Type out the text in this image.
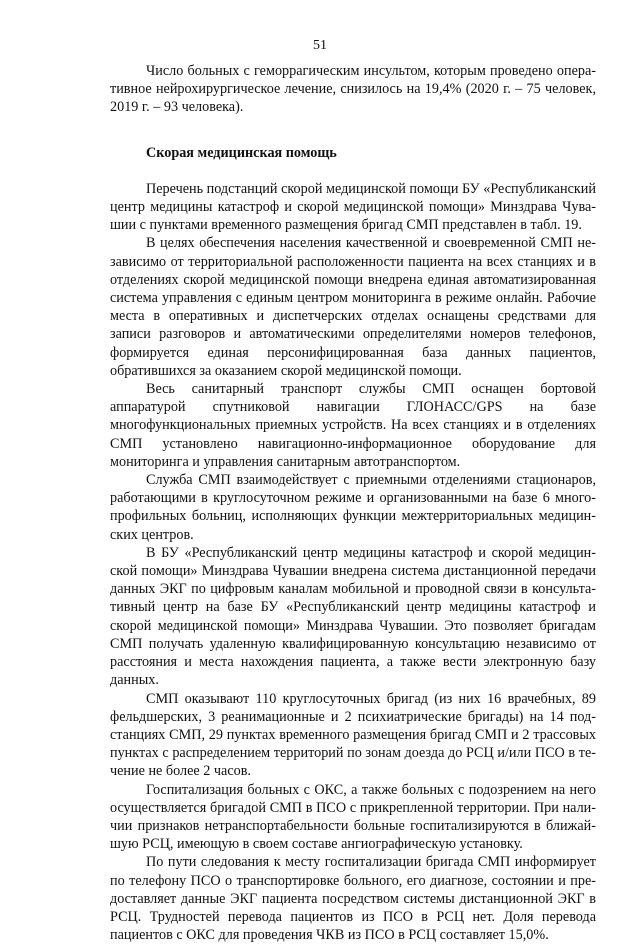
51

Число больных с геморрагическим инсультом, которым проведено оперативное нейрохирургическое лечение, снизилось на 19,4% (2020 г. – 75 человек, 2019 г. – 93 человека).

Скорая медицинская помощь

Перечень подстанций скорой медицинской помощи БУ «Республиканский центр медицины катастроф и скорой медицинской помощи» Минздрава Чувашии с пунктами временного размещения бригад СМП представлен в табл. 19.

В целях обеспечения населения качественной и своевременной СМП независимо от территориальной расположенности пациента на всех станциях и в отделениях скорой медицинской помощи внедрена единая автоматизированная система управления с единым центром мониторинга в режиме онлайн. Рабочие места в оперативных и диспетчерских отделах оснащены средствами для записи разговоров и автоматическими определителями номеров телефонов, формируется единая персонифицированная база данных пациентов, обратившихся за оказанием скорой медицинской помощи.

Весь санитарный транспорт службы СМП оснащен бортовой аппаратурой спутниковой навигации ГЛОНАСС/GPS на базе многофункциональных приемных устройств. На всех станциях и в отделениях СМП установлено навигационно-информационное оборудование для мониторинга и управления санитарным автотранспортом.

Служба СМП взаимодействует с приемными отделениями стационаров, работающими в круглосуточном режиме и организованными на базе 6 многопрофильных больниц, исполняющих функции межтерриториальных медицинских центров.

В БУ «Республиканский центр медицины катастроф и скорой медицинской помощи» Минздрава Чувашии внедрена система дистанционной передачи данных ЭКГ по цифровым каналам мобильной и проводной связи в консультативный центр на базе БУ «Республиканский центр медицины катастроф и скорой медицинской помощи» Минздрава Чувашии. Это позволяет бригадам СМП получать удаленную квалифицированную консультацию независимо от расстояния и места нахождения пациента, а также вести электронную базу данных.

СМП оказывают 110 круглосуточных бригад (из них 16 врачебных, 89 фельдшерских, 3 реанимационные и 2 психиатрические бригады) на 14 подстанциях СМП, 29 пунктах временного размещения бригад СМП и 2 трассовых пунктах с распределением территорий по зонам доезда до РСЦ и/или ПСО в течение не более 2 часов.

Госпитализация больных с ОКС, а также больных с подозрением на него осуществляется бригадой СМП в ПСО с прикрепленной территории. При наличии признаков нетранспортабельности больные госпитализируются в ближайшую РСЦ, имеющую в своем составе ангиографическую установку.

По пути следования к месту госпитализации бригада СМП информирует по телефону ПСО о транспортировке больного, его диагнозе, состоянии и предоставляет данные ЭКГ пациента посредством системы дистанционной ЭКГ в РСЦ. Трудностей перевода пациентов из ПСО в РСЦ нет. Доля перевода пациентов с ОКС для проведения ЧКВ из ПСО в РСЦ составляет 15,0%.
